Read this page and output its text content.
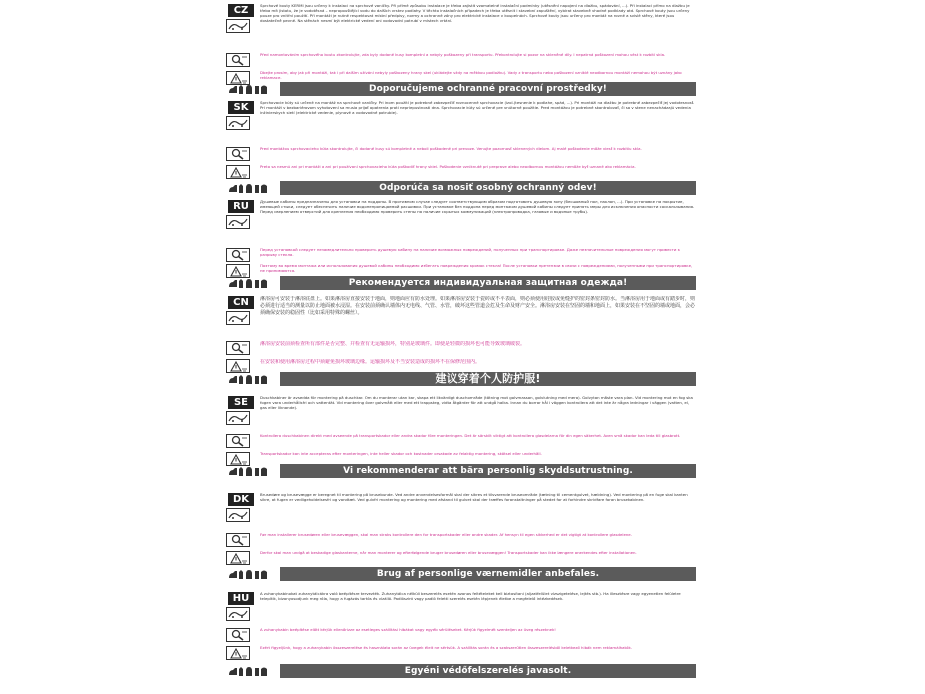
CZ	Sprchové kouty KERMI jsou určeny k instalaci na sprchové vaničky. Při přímé způsobu instalace je třeba zajistit vzomatelné instalační podmínky (utěsnění napojení na dlažbu, spádování, ...). Při instalaci přímo na dlažbu je třeba mít jistotu, že je vodotěsná – nepropouštějící vodu do dalších vrstev podlahy. V těchto instalačních případech je třeba utěsnit i stavební zapuštění, vybírat stavebně vhodné podklady atd. Sprchové kouty jsou určeny pouze pro vnitřní použití. Při montáži je nutné respektovat místní předpisy, normy a ochranné zóny pro elektrické instalace v koupelnách. Sprchové kouty jsou určeny pro montáž na rovné a svislé stěny, které jsou dostatečně pevné. Na stěnách nesmí být elektrické vedení ani vodovodní potrubí v místech vrtání.
Před namontováním sprchového koutu zkontrolujte, zda byly dodané kusy kompletní a nebyly poškozeny při transportu. Překontrolujte si pozor na skleněné díly. I nepatrná poškození mohou vést k rozbití skla.
Dbejte prosím, aby jak při montáži, tak i při dalším užívání nebyly poškozeny hrany skel (ukládejte vždy na měkkou podložku). Vady z transportu nebo poškození vzniklé neodbornou montáží nemohou být uznány jako reklamace.
Doporučujeme ochranné pracovní prostředky!
SK	Sprchovacie kúty sú určené na montáž na sprchové vaničky. Pri inom použití je potrebné zabezpečiť rovnocenné sprchovacie (izol.(tesnenie k podlahe, spád, ...). Pri montáži na dlažbu je potrebné zabezpečiť jej vodotesnosť. Pri montáži v bezbariérovom vyhotovení sa musia prijať opatrenia proti nepriepustnosti dna. Sprchovacie kúty sú určené pre vnútorné použitie. Pred montážou je potrebné skontrolovať, či sa v stene nenachádzajú vedenia inžinierskych sietí (elektrické vedenie, plynové a vodovodné potrubie).
Pred montážou sprchovacieho kúta skontrolujte, či dodané kusy sú kompletné a neboli poškodené pri prevoze. Venujte pozornosť sklenených dielom. Aj malé poškodenie môže viesť k rozbitiu skla.
Preto sa nesmú ani pri montáži a ani pri používaní sprchovacieho kúta poškodiť hrany skiel. Poškodenie vzniknuté pri preprave alebo neodbornou montážou nemôže byť uznané ako reklamácia.
Odporúča sa nosiť osobný ochranný odev!
RU	Душевые кабины предназначены для установки на поддоны. В противном случае следует соответствующим образом подготовить душевую зону (бесшовный пол, наклон, ...). При установке на покрытие, имеющей стыки, следует обеспечить наличие водонепроницаемой расшивки. При установке без поддона перед монтажом душевой кабины следует принять меры для исключения опасности соскальзывания. Перед сверлением отверстий для крепления необходимо проверить стены на наличие скрытых коммуникаций (электропроводка, газовые и водяные трубы).
Перед установкой следует незамедлительно проверить душевую кабину на наличие возможных повреждений, полученных при транспортировке. Даже незначительные повреждения могут привести к разрыву стекла.
Поэтому во время монтажа или использования душевой кабины необходимо избегать повреждения кромок стекла! После установки претензии в связи с повреждениями, полученными при транспортировке, не принимаются.
Рекомендуется индивидуальная защитная одежда!
CN	淋浴房可安装于淋浴底盘上。如果淋浴房直接安装于地面，则地面应有防水处理。如果淋浴房安装于瓷砖或不平表面，则必须使用硅胶或免缝护的密封条密封防水。当淋浴房用于地面或有踏步时，则必须进行适当的测量以防止地面被水浸湿。在安装前须确认墙体内无电线、气管、水管，破坏这些管道会危及生命及财产安全。淋浴房安装在坚固的墙和地面上，如果安装在不坚固的墙或地面，会必须确保安装的稳固性（比如采用特殊的螺丝）。
淋浴房安装前须检查所有部件是否完整、并检查有无运输损坏，特别是玻璃件。即使是轻微的损坏也可能导致玻璃破裂。
在安装和使用淋浴房过程中须避免损坏玻璃边缘。运输损坏及不当安装造成的损坏不在保修范围内。
建议穿着个人防护服!
SE	Duschkabiner är avsedda för montering på duschkar. Om du monterar utan kar, skapa ett likvärdigt duschområde (tätning mot golvmassan, golvlutning med mera). Golvytan måste vara plan. Vid montering mot en fog ska fogen vara underhållsfri och vattentät. Vid montering över golvmått eller med ett trappsteg, vidta åtgärder för att undgå halka. Innan du borrar hål i väggen kontrollera att det inte är några ledningar i väggen (vatten, el, gas eller liknande).
Kontrollera duschkabinen direkt med avseende på transportskador eller andra skador före monteringen. Det är särskilt viktigt att kontrollera glasdelarna för din egen säkerhet. Även små skador kan leda till glasbrott.
Transportskador kan inte accepteras efter monteringen, inte heller skador och kostnader orsakade av felaktig montering, skötsel eller underhåll.
Vi rekommenderar att bära personlig skyddsutrustning.
DK	Brusedøre og brusevægge er beregnet til montering på brusebunde. Ved andre anvendelsesformål skal der sikres et tilsvarende bruseområde (tætning til cementgulvet, hældning). Ved montering på en fuge skal kanten sikre, at fugen er vedligeholdelsesfri og vandtæt. Ved gulvfri montering og montering med afstand til gulvet skal der træffes foranstaltninger på stedet for at forhindre skridfare foran brusekabinen.
Før man installerer brusedøren eller brusevæggen, skal man straks kontrollere den for transportskader eller andre skader. Af hensyn til egen sikkerhed er det vigtigt at kontrollere glasdelene.
Derfor skal man undgå at beskadige glaskanterne, når man monterer og efterfølgende bruger brusedøren eller brusevæggen! Transportskader kan ikke længere anerkendes efter installationen.
Brug af personlige værnemidler anbefales.
HU	A zuhanykabinokat zuhanytálcákra való beépítésre tervezték. Zuhanytálca nélküli beszerelés esetén azonos feltételeket kell biztosítani (aljzatfelület vízszigetelése, lejtés stb.). Ha illesztésre vagy egyenetlen felületre telepítik, bizonyosodjunk meg róla, hogy a fugázás tartós és vízálló. Padlószint vagy padló feletti szerelés esetén lépjenek életbe a megfelelő intézkedések.
A zuhanykabin beépítése előtt kérjük ellenőrizze az esetleges szállítási hibákat vagy egyéb sérüléseket. Kérjük figyelmét szenteljen az üveg részeknek!
Ezért figyeljünk, hogy a zuhanykabin összeszerelése és használata során az üvegek éleit ne sértsük. A szállítás során és a szakszerűtlen összeszerelésből keletkező hibák nem reklamálhatók.
Egyéni védőfelszerelés javasolt.
